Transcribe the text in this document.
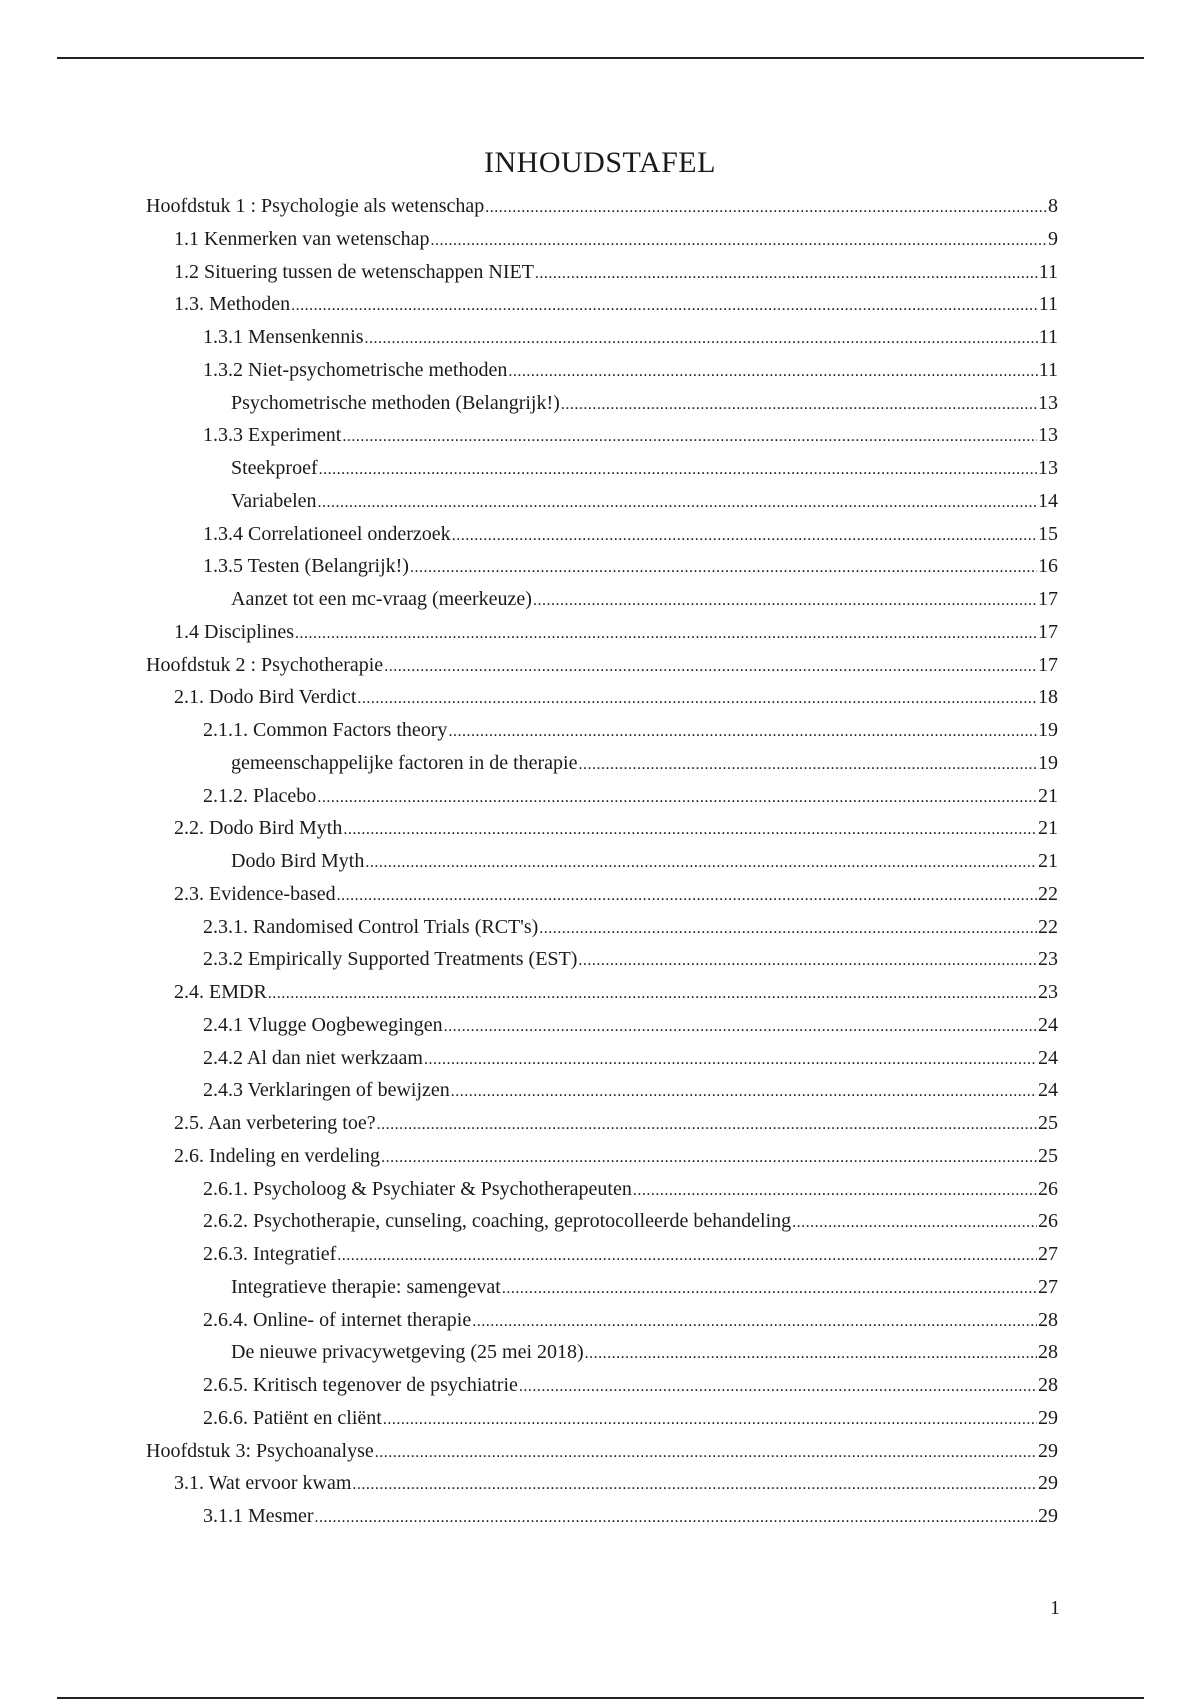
INHOUDSTAFEL
Hoofdstuk 1 : Psychologie als wetenschap .....	8
1.1 Kenmerken van wetenschap .....	9
1.2 Situering tussen de wetenschappen NIET .....	11
1.3. Methoden .....	11
1.3.1 Mensenkennis .....	11
1.3.2 Niet-psychometrische methoden .....	11
Psychometrische methoden (Belangrijk!) .....	13
1.3.3 Experiment .....	13
Steekproef .....	13
Variabelen .....	14
1.3.4 Correlationeel onderzoek .....	15
1.3.5 Testen (Belangrijk!) .....	16
Aanzet tot een mc-vraag (meerkeuze) .....	17
1.4 Disciplines .....	17
Hoofdstuk 2 : Psychotherapie .....	17
2.1. Dodo Bird Verdict .....	18
2.1.1. Common Factors theory .....	19
gemeenschappelijke factoren in de therapie .....	19
2.1.2. Placebo .....	21
2.2. Dodo Bird Myth .....	21
Dodo Bird Myth .....	21
2.3. Evidence-based .....	22
2.3.1. Randomised Control Trials (RCT's) .....	22
2.3.2 Empirically Supported Treatments (EST) .....	23
2.4. EMDR .....	23
2.4.1 Vlugge Oogbewegingen .....	24
2.4.2 Al dan niet werkzaam .....	24
2.4.3 Verklaringen of bewijzen .....	24
2.5. Aan verbetering toe? .....	25
2.6. Indeling en verdeling .....	25
2.6.1. Psycholoog & Psychiater & Psychotherapeuten .....	26
2.6.2. Psychotherapie, cunseling, coaching, geprotocolleerde behandeling .....	26
2.6.3. Integratief .....	27
Integratieve therapie: samengevat .....	27
2.6.4. Online- of internet therapie .....	28
De nieuwe privacywetgeving (25 mei 2018) .....	28
2.6.5. Kritisch tegenover de psychiatrie .....	28
2.6.6. Patiënt en cliënt .....	29
Hoofdstuk 3: Psychoanalyse .....	29
3.1. Wat ervoor kwam .....	29
3.1.1 Mesmer .....	29
1
